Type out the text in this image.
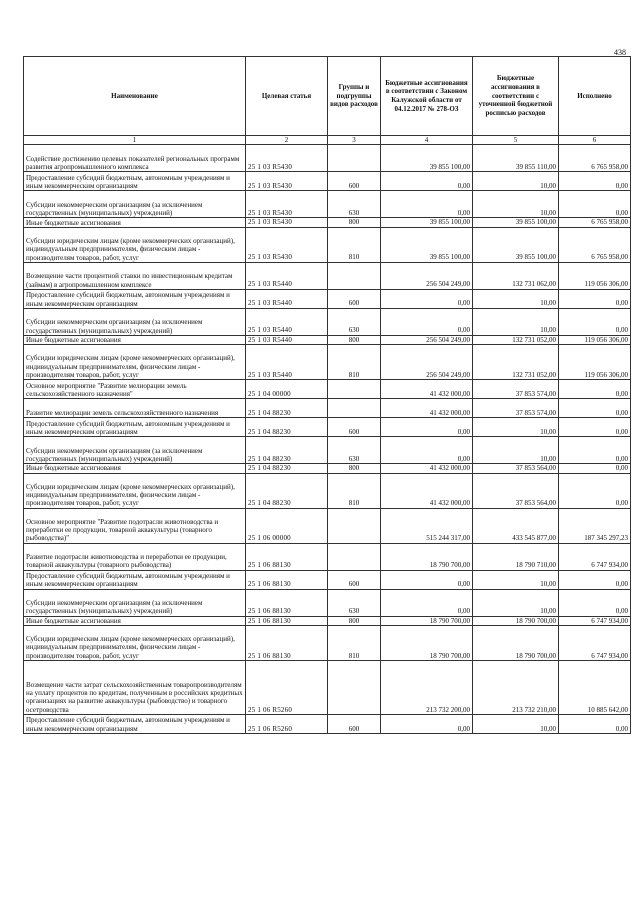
438
Наименование	Целевая статья	Группы и подгруппы видов расходов	Бюджетные ассигнования в соответствии с Законом Калужской области от 04.12.2017 № 278-ОЗ	Бюджетные ассигнования в соответствии с уточненной бюджетной росписью расходов	Исполнено
1	2	3	4	5	6
Содействие достижению целевых показателей региональных программ развития агропромышленного комплекса	25 1 03 R5430		39 855 100,00	39 855 110,00	6 765 958,00
Предоставление субсидий бюджетным, автономным учреждениям и иным некоммерческим организациям	25 1 03 R5430	600	0,00	10,00	0,00
Субсидии некоммерческим организациям (за исключением государственных (муниципальных) учреждений)	25 1 03 R5430	630	0,00	10,00	0,00
Иные бюджетные ассигнования	25 1 03 R5430	800	39 855 100,00	39 855 100,00	6 765 958,00
Субсидии юридическим лицам (кроме некоммерческих организаций), индивидуальным предпринимателям, физическим лицам - производителям товаров, работ, услуг	25 1 03 R5430	810	39 855 100,00	39 855 100,00	6 765 958,00
Возмещение части процентной ставки по инвестиционным кредитам (займам) в агропромышленном комплексе	25 1 03 R5440		256 504 249,00	132 731 062,00	119 056 306,00
Предоставление субсидий бюджетным, автономным учреждениям и иным некоммерческим организациям	25 1 03 R5440	600	0,00	10,00	0,00
Субсидии некоммерческим организациям (за исключением государственных (муниципальных) учреждений)	25 1 03 R5440	630	0,00	10,00	0,00
Иные бюджетные ассигнования	25 1 03 R5440	800	256 504 249,00	132 731 052,00	119 056 306,00
Субсидии юридическим лицам (кроме некоммерческих организаций), индивидуальным предпринимателям, физическим лицам - производителям товаров, работ, услуг	25 1 03 R5440	810	256 504 249,00	132 731 052,00	119 056 306,00
Основное мероприятие "Развитие мелиорации земель сельскохозяйственного назначения"	25 1 04 00000		41 432 000,00	37 853 574,00	0,00
Развитие мелиорации земель сельскохозяйственного назначения	25 1 04 88230		41 432 000,00	37 853 574,00	0,00
Предоставление субсидий бюджетным, автономным учреждениям и иным некоммерческим организациям	25 1 04 88230	600	0,00	10,00	0,00
Субсидии некоммерческим организациям (за исключением государственных (муниципальных) учреждений)	25 1 04 88230	630	0,00	10,00	0,00
Иные бюджетные ассигнования	25 1 04 88230	800	41 432 000,00	37 853 564,00	0,00
Субсидии юридическим лицам (кроме некоммерческих организаций), индивидуальным предпринимателям, физическим лицам - производителям товаров, работ, услуг	25 1 04 88230	810	41 432 000,00	37 853 564,00	0,00
Основное мероприятие "Развитие подотрасли животноводства и переработки ее продукции, товарной аквакультуры (товарного рыбоводства)"	25 1 06 00000		515 244 317,00	433 545 877,00	187 345 297,23
Развитие подотрасли животноводства и переработки ее продукции, товарной аквакультуры (товарного рыбоводства)	25 1 06 88130		18 790 700,00	18 790 710,00	6 747 934,00
Предоставление субсидий бюджетным, автономным учреждениям и иным некоммерческим организациям	25 1 06 88130	600	0,00	10,00	0,00
Субсидии некоммерческим организациям (за исключением государственных (муниципальных) учреждений)	25 1 06 88130	630	0,00	10,00	0,00
Иные бюджетные ассигнования	25 1 06 88130	800	18 790 700,00	18 790 700,00	6 747 934,00
Субсидии юридическим лицам (кроме некоммерческих организаций), индивидуальным предпринимателям, физическим лицам - производителям товаров, работ, услуг	25 1 06 88130	810	18 790 700,00	18 790 700,00	6 747 934,00
Возмещение части затрат сельскохозяйственным товаропроизводителям на уплату процентов по кредитам, полученным в российских кредитных организациях на развитие аквакультуры (рыбоводство) и товарного осетроводства	25 1 06 R5260		213 732 200,00	213 732 210,00	10 885 642,00
Предоставление субсидий бюджетным, автономным учреждениям и иным некоммерческим организациям	25 1 06 R5260	600	0,00	10,00	0,00
